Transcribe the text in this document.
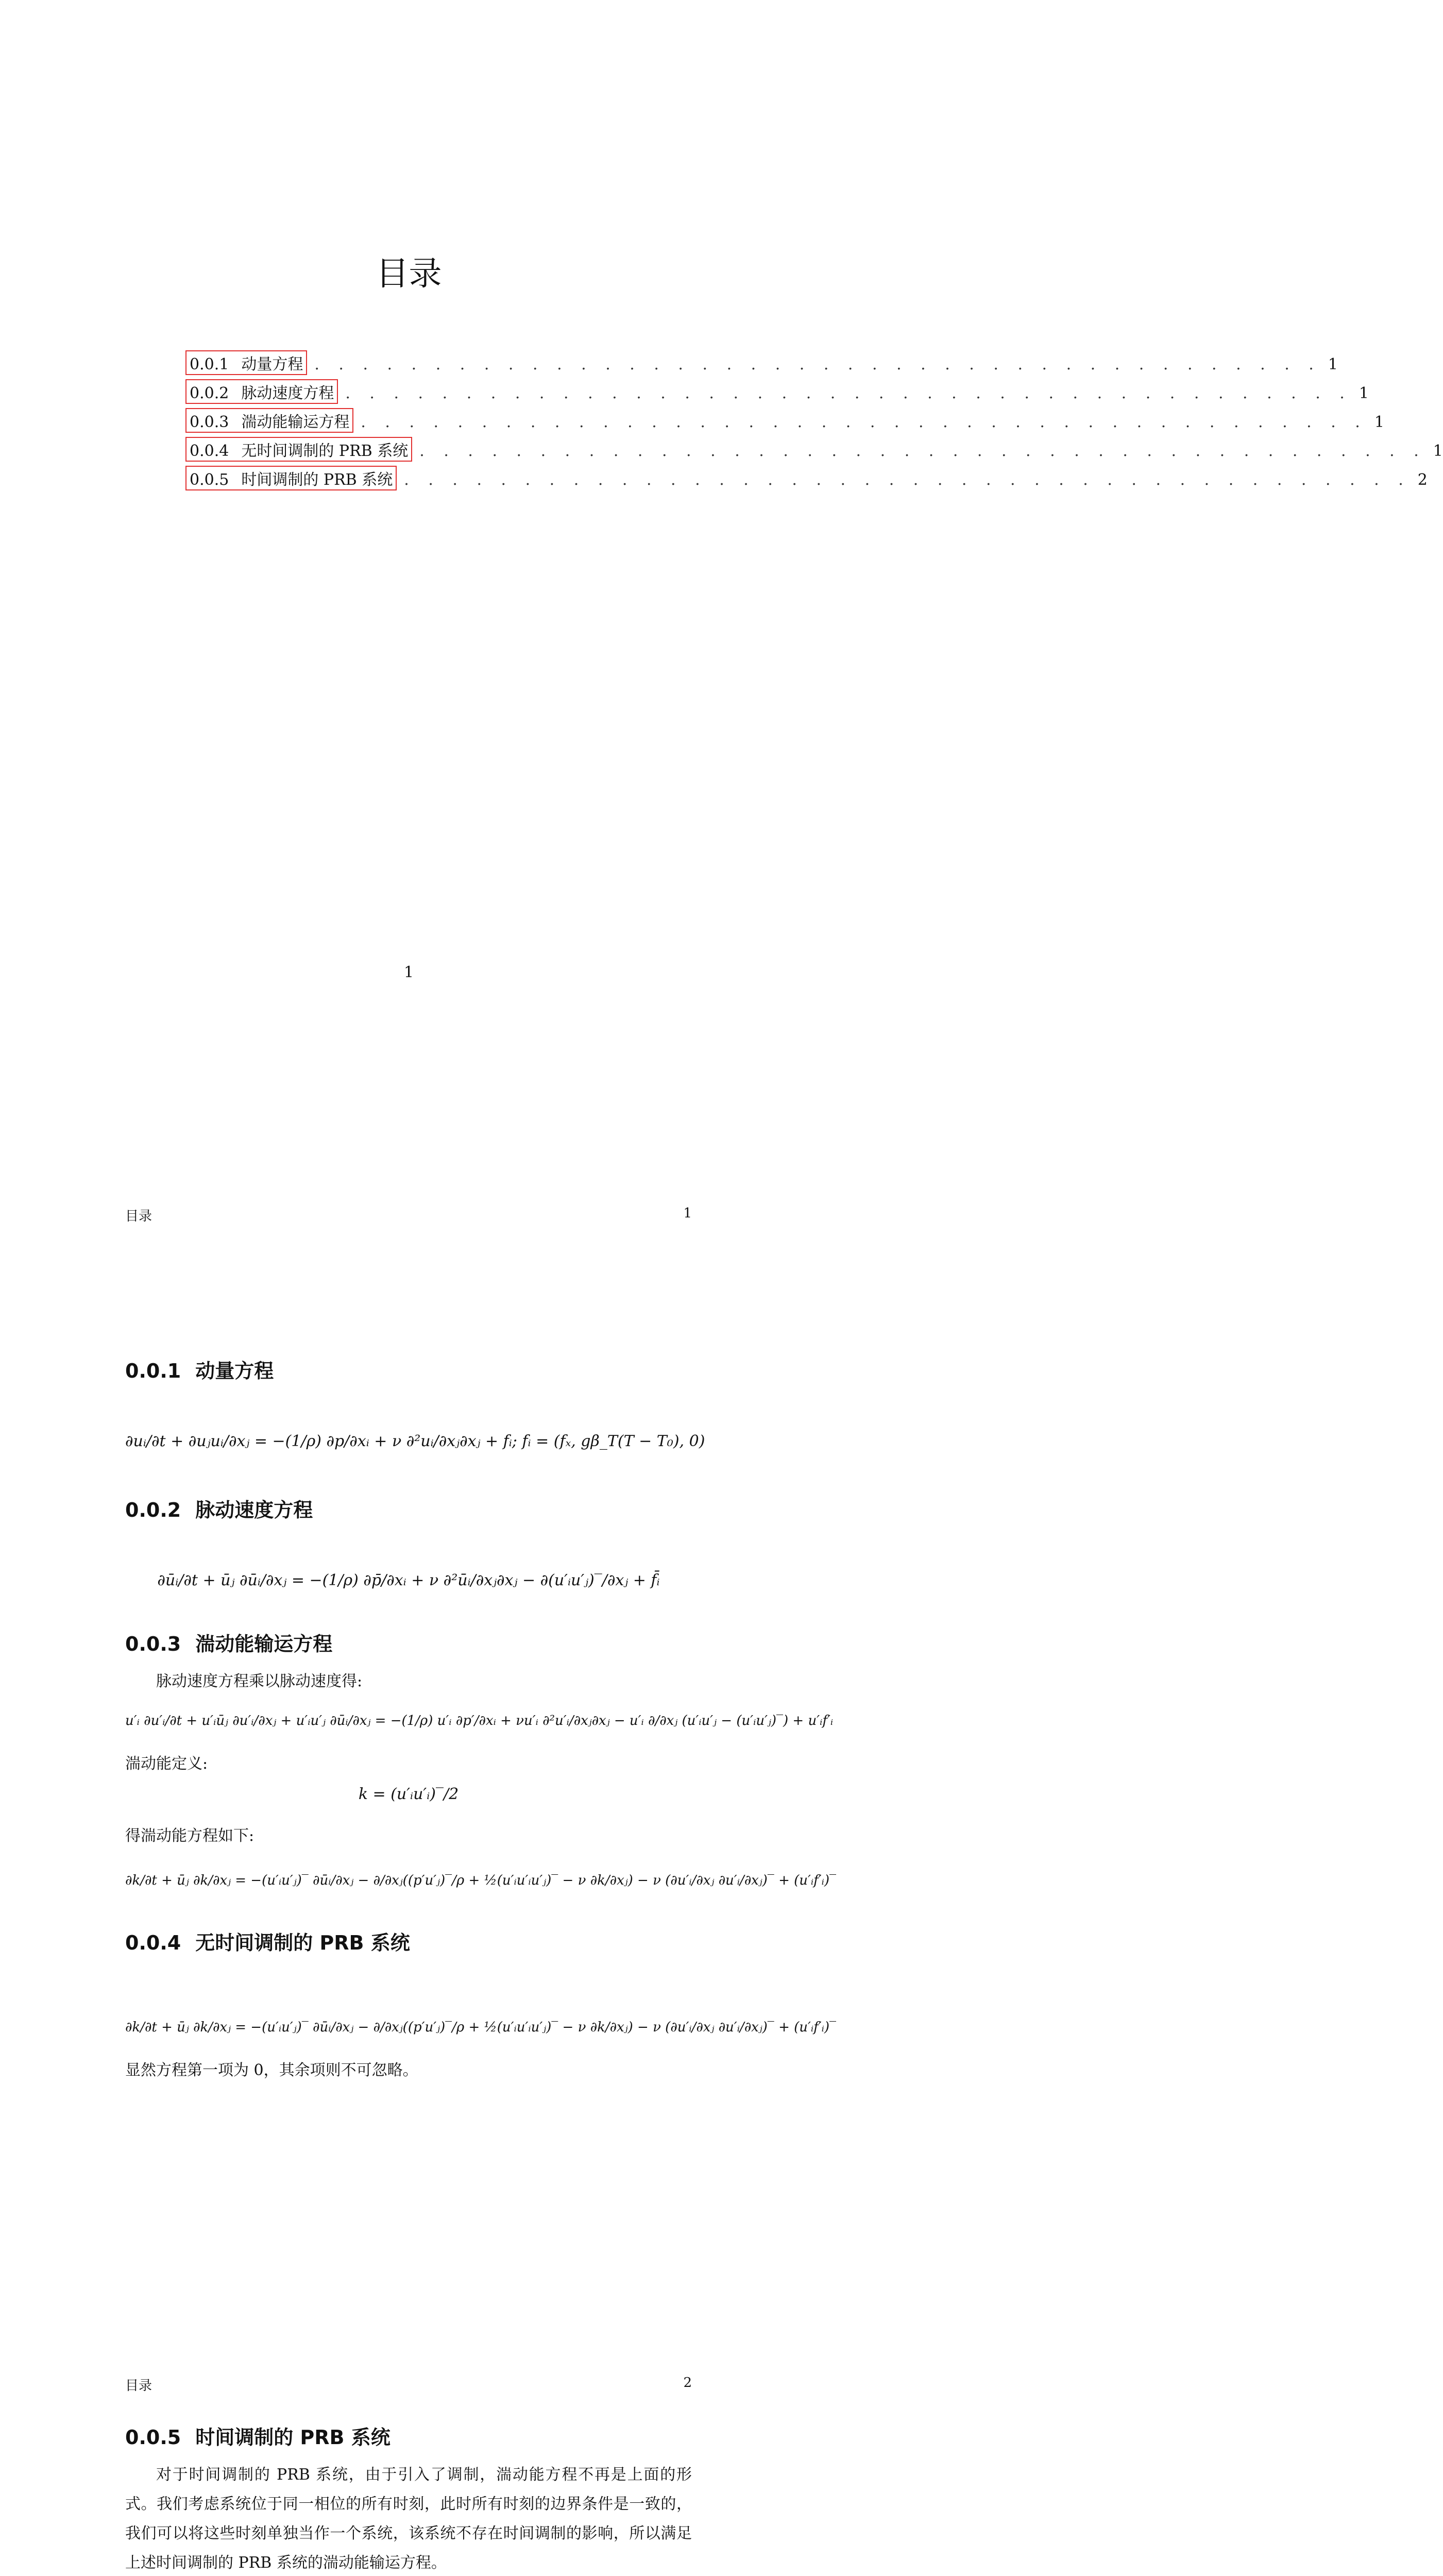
目录
0.0.1 动量方程 . . . . . . . . . . . . . . . . . . . . . . . . . . . . . . . . . . . . . . . . . . 1
0.0.2 脉动速度方程 . . . . . . . . . . . . . . . . . . . . . . . . . . . . . . . . . . . . . . . . . . 1
0.0.3 湍动能输运方程 . . . . . . . . . . . . . . . . . . . . . . . . . . . . . . . . . . . . . . . . . . 1
0.0.4 无时间调制的 PRB 系统 . . . . . . . . . . . . . . . . . . . . . . . . . . . . . . . . . . . . . . . . . . 1
0.0.5 时间调制的 PRB 系统 . . . . . . . . . . . . . . . . . . . . . . . . . . . . . . . . . . . . . . . . . . 2
1
目录	1
0.0.1 动量方程
∂uᵢ/∂t + ∂uⱼuᵢ/∂xⱼ = −(1/ρ) ∂p/∂xᵢ + ν ∂²uᵢ/∂xⱼ∂xⱼ + fᵢ; fᵢ = (fₓ, gβ_T(T − T₀), 0)
0.0.2 脉动速度方程
∂ūᵢ/∂t + ūⱼ ∂ūᵢ/∂xⱼ = −(1/ρ) ∂p̄/∂xᵢ + ν ∂²ūᵢ/∂xⱼ∂xⱼ − ∂(u′ᵢu′ⱼ)‾/∂xⱼ + f̄ᵢ
0.0.3 湍动能输运方程

脉动速度方程乘以脉动速度得:

u′ᵢ ∂u′ᵢ/∂t + u′ᵢūⱼ ∂u′ᵢ/∂xⱼ + u′ᵢu′ⱼ ∂ūᵢ/∂xⱼ = −(1/ρ) u′ᵢ ∂p′/∂xᵢ + νu′ᵢ ∂²u′ᵢ/∂xⱼ∂xⱼ − u′ᵢ ∂/∂xⱼ (u′ᵢu′ⱼ − (u′ᵢu′ⱼ)‾) + u′ᵢf′ᵢ

湍动能定义:

k = (u′ᵢu′ᵢ)‾/2

得湍动能方程如下:

∂k/∂t + ūⱼ ∂k/∂xⱼ = −(u′ᵢu′ⱼ)‾ ∂ūᵢ/∂xⱼ − ∂/∂xⱼ((p′u′ⱼ)‾/ρ + ½(u′ᵢu′ᵢu′ⱼ)‾ − ν ∂k/∂xⱼ) − ν (∂u′ᵢ/∂xⱼ ∂u′ᵢ/∂xⱼ)‾ + (u′ᵢf′ᵢ)‾
0.0.4 无时间调制的 PRB 系统
∂k/∂t + ūⱼ ∂k/∂xⱼ = −(u′ᵢu′ⱼ)‾ ∂ūᵢ/∂xⱼ − ∂/∂xⱼ((p′u′ⱼ)‾/ρ + ½(u′ᵢu′ᵢu′ⱼ)‾ − ν ∂k/∂xⱼ) − ν (∂u′ᵢ/∂xⱼ ∂u′ᵢ/∂xⱼ)‾ + (u′ᵢf′ᵢ)‾

显然方程第一项为 0，其余项则不可忽略。

目录	2
0.0.5 时间调制的 PRB 系统

对于时间调制的 PRB 系统，由于引入了调制，湍动能方程不再是上面的形式。我们考虑系统位于同一相位的所有时刻，此时所有时刻的边界条件是一致的，我们可以将这些时刻单独当作一个系统，该系统不存在时间调制的影响，所以满足上述时间调制的 PRB 系统的湍动能输运方程。
